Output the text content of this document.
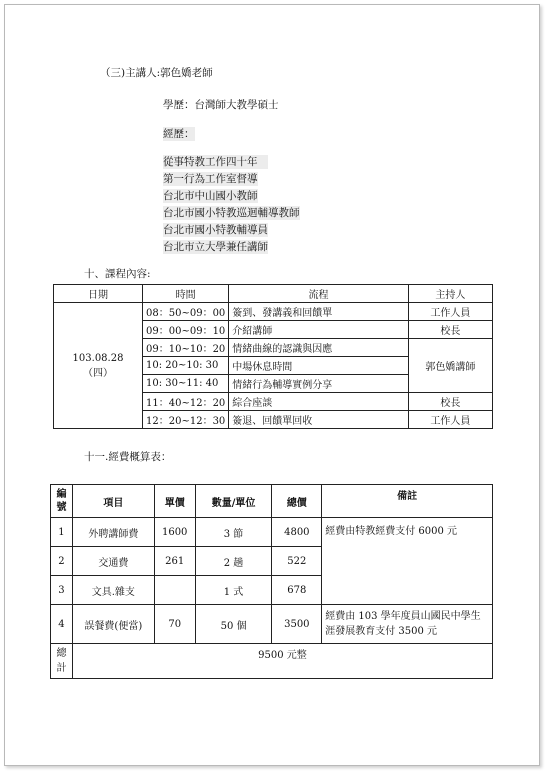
（三)主講人:郭色嬌老師
學歷：台灣師大教學碩士
經歷：
從事特教工作四十年
第一行為工作室督導
台北市中山國小教師
台北市國小特教巡迴輔導教師
台北市國小特教輔導員
台北市立大學兼任講師
十、課程內容:
日期	時間	流程	主持人

103.08.28
（四）	08：50~09：00	簽到、發講義和回饋單	工作人員
	09：00~09：10	介紹講師	校長
	09：10~10：20	情緒曲線的認識與因應	郭色嬌講師
	10: 20~10: 30	中場休息時間	
	10: 30~11: 40	情緒行為輔導實例分享	
	11：40~12：20	綜合座談	校長
	12：20~12：30	簽退、回饋單回收	工作人員
十一.經費概算表：
編號	項目	單價	數量/單位	總價	備註
1	外聘講師費	1600	3 節	4800	經費由特教經費支付 6000 元
2	交通費	261	2 趟	522	
3	文具.雜支		1 式	678	
4	誤餐費(便當)	70	50 個	3500	經費由 103 學年度員山國民中學生涯發展教育支付 3500 元
總計	9500 元整				
